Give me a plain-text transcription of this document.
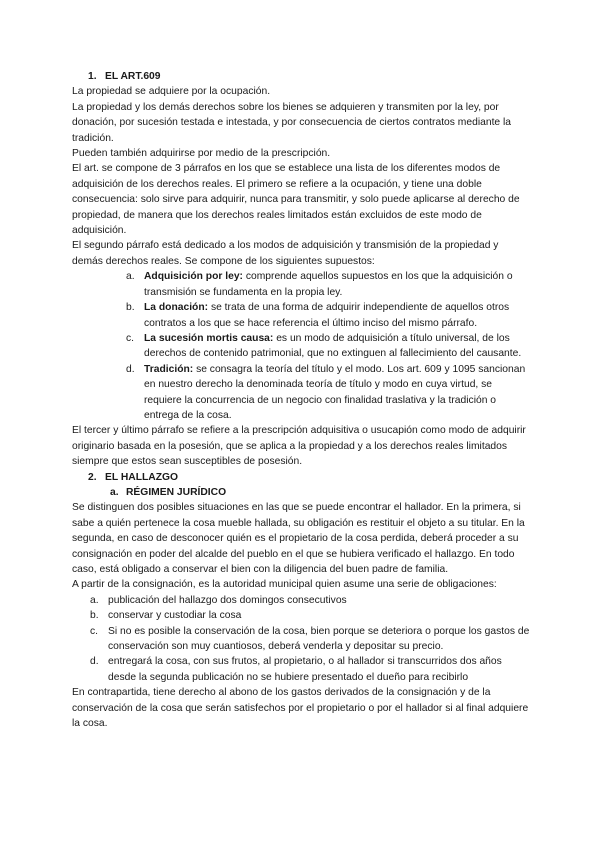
1. EL ART.609

La propiedad se adquiere por la ocupación.

La propiedad y los demás derechos sobre los bienes se adquieren y transmiten por la ley, por donación, por sucesión testada e intestada, y por consecuencia de ciertos contratos mediante la tradición.

Pueden también adquirirse por medio de la prescripción.

El art. se compone de 3 párrafos en los que se establece una lista de los diferentes modos de adquisición de los derechos reales. El primero se refiere a la ocupación, y tiene una doble consecuencia: solo sirve para adquirir, nunca para transmitir, y solo puede aplicarse al derecho de propiedad, de manera que los derechos reales limitados están excluidos de este modo de adquisición.

El segundo párrafo está dedicado a los modos de adquisición y transmisión de la propiedad y demás derechos reales. Se compone de los siguientes supuestos:

a. Adquisición por ley: comprende aquellos supuestos en los que la adquisición o transmisión se fundamenta en la propia ley.
b. La donación: se trata de una forma de adquirir independiente de aquellos otros contratos a los que se hace referencia el último inciso del mismo párrafo.
c. La sucesión mortis causa: es un modo de adquisición a título universal, de los derechos de contenido patrimonial, que no extinguen al fallecimiento del causante.
d. Tradición: se consagra la teoría del título y el modo. Los art. 609 y 1095 sancionan en nuestro derecho la denominada teoría de título y modo en cuya virtud, se requiere la concurrencia de un negocio con finalidad traslativa y la tradición o entrega de la cosa.

El tercer y último párrafo se refiere a la prescripción adquisitiva o usucapión como modo de adquirir originario basada en la posesión, que se aplica a la propiedad y a los derechos reales limitados siempre que estos sean susceptibles de posesión.

2. EL HALLAZGO
a. RÉGIMEN JURÍDICO

Se distinguen dos posibles situaciones en las que se puede encontrar el hallador. En la primera, si sabe a quién pertenece la cosa mueble hallada, su obligación es restituir el objeto a su titular. En la segunda, en caso de desconocer quién es el propietario de la cosa perdida, deberá proceder a su consignación en poder del alcalde del pueblo en el que se hubiera verificado el hallazgo. En todo caso, está obligado a conservar el bien con la diligencia del buen padre de familia.

A partir de la consignación, es la autoridad municipal quien asume una serie de obligaciones:

a. publicación del hallazgo dos domingos consecutivos
b. conservar y custodiar la cosa
c. Si no es posible la conservación de la cosa, bien porque se deteriora o porque los gastos de conservación son muy cuantiosos, deberá venderla y depositar su precio.
d. entregará la cosa, con sus frutos, al propietario, o al hallador si transcurridos dos años desde la segunda publicación no se hubiere presentado el dueño para recibirlo

En contrapartida, tiene derecho al abono de los gastos derivados de la consignación y de la conservación de la cosa que serán satisfechos por el propietario o por el hallador si al final adquiere la cosa.
